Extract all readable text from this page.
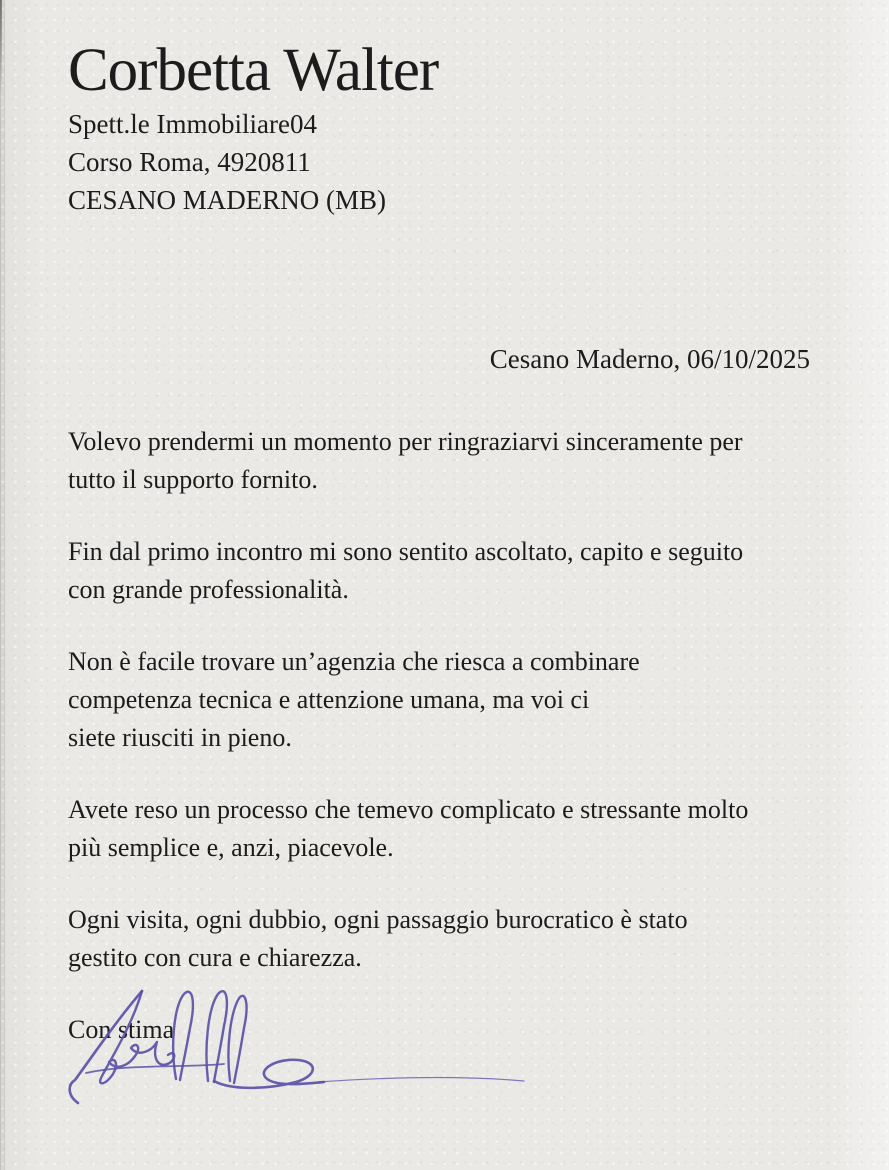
Corbetta Walter
Spett.le Immobiliare04
Corso Roma, 4920811
CESANO MADERNO (MB)
Cesano Maderno, 06/10/2025

Volevo prendermi un momento per ringraziarvi sinceramente per
tutto il supporto fornito.

Fin dal primo incontro mi sono sentito ascoltato, capito e seguito
con grande professionalità.

Non è facile trovare un’agenzia che riesca a combinare
competenza tecnica e attenzione umana, ma voi ci
siete riusciti in pieno.

Avete reso un processo che temevo complicato e stressante molto
più semplice e, anzi, piacevole.

Ogni visita, ogni dubbio, ogni passaggio burocratico è stato
gestito con cura e chiarezza.

Con stima
